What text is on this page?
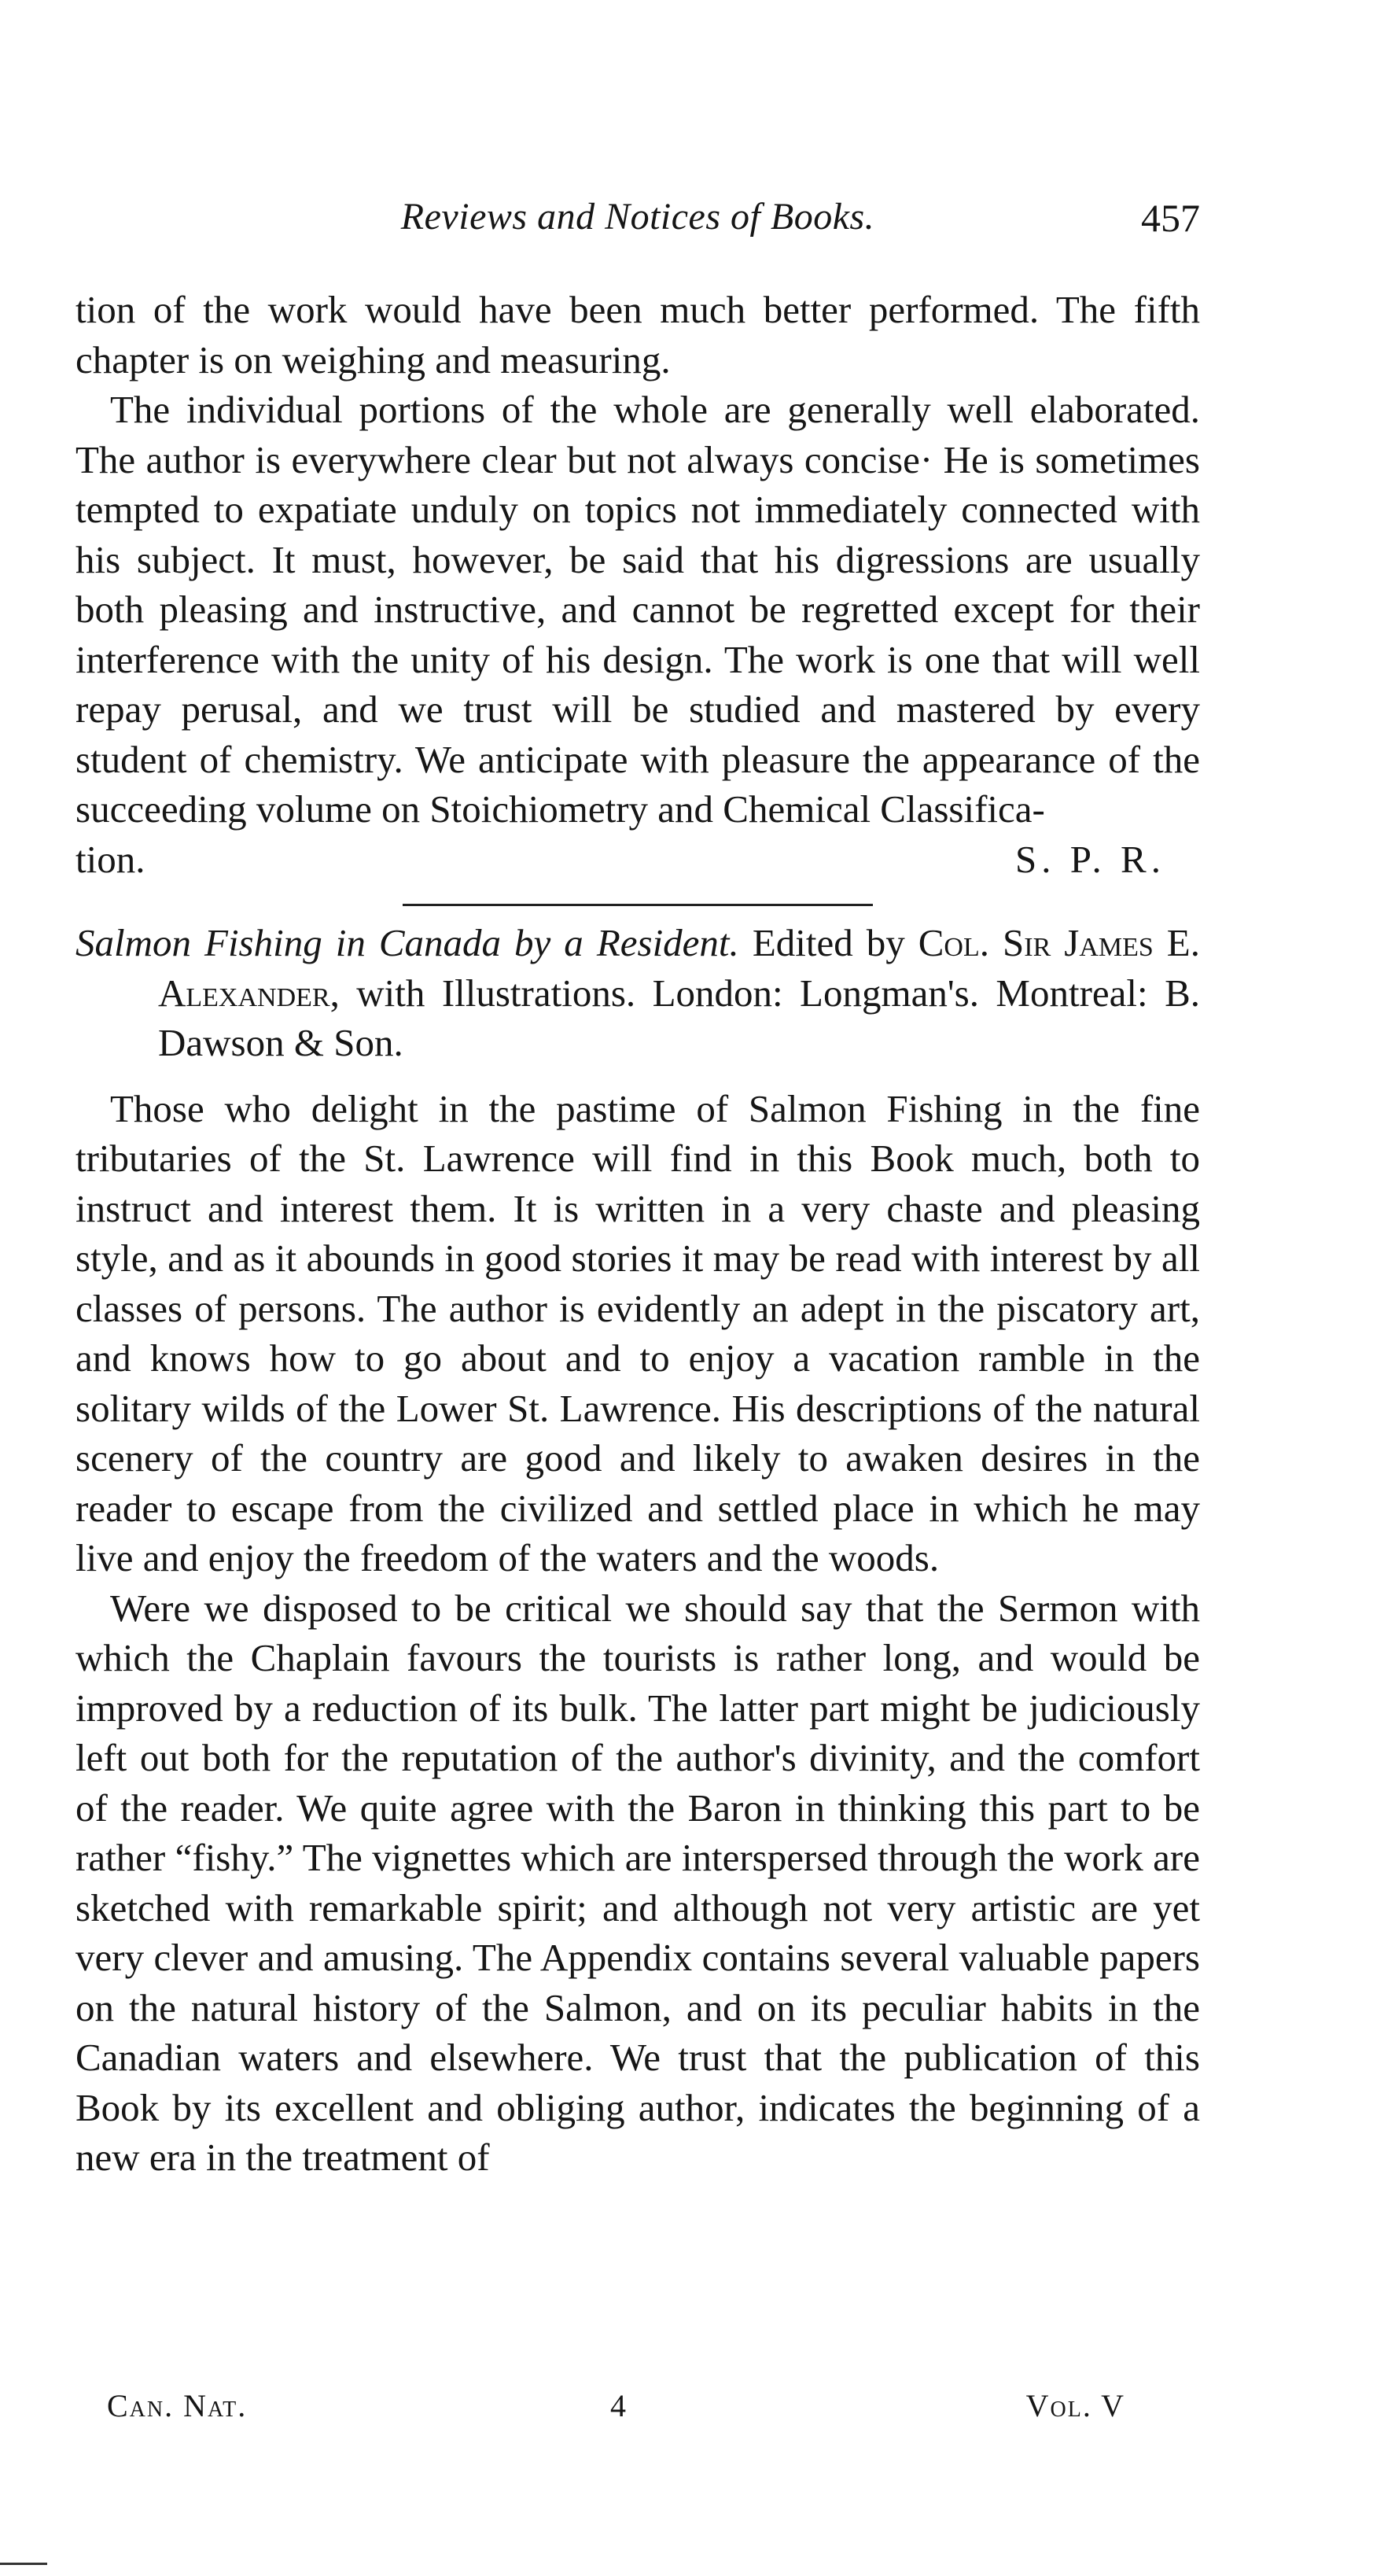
Reviews and Notices of Books.	457

tion of the work would have been much better performed. The fifth chapter is on weighing and measuring.

The individual portions of the whole are generally well elaborated. The author is everywhere clear but not always concise· He is sometimes tempted to expatiate unduly on topics not immediately connected with his subject. It must, however, be said that his digressions are usually both pleasing and instructive, and cannot be regretted except for their interference with the unity of his design. The work is one that will well repay perusal, and we trust will be studied and mastered by every student of chemistry. We anticipate with pleasure the appearance of the succeeding volume on Stoichiometry and Chemical Classifica-

tion.	S. P. R.

Salmon Fishing in Canada by a Resident. Edited by Col. Sir James E. Alexander, with Illustrations. London: Longman's. Montreal: B. Dawson & Son.

Those who delight in the pastime of Salmon Fishing in the fine tributaries of the St. Lawrence will find in this Book much, both to instruct and interest them. It is written in a very chaste and pleasing style, and as it abounds in good stories it may be read with interest by all classes of persons. The author is evidently an adept in the piscatory art, and knows how to go about and to enjoy a vacation ramble in the solitary wilds of the Lower St. Lawrence. His descriptions of the natural scenery of the country are good and likely to awaken desires in the reader to escape from the civilized and settled place in which he may live and enjoy the freedom of the waters and the woods.

Were we disposed to be critical we should say that the Sermon with which the Chaplain favours the tourists is rather long, and would be improved by a reduction of its bulk. The latter part might be judiciously left out both for the reputation of the author's divinity, and the comfort of the reader. We quite agree with the Baron in thinking this part to be rather “fishy.” The vignettes which are interspersed through the work are sketched with remarkable spirit; and although not very artistic are yet very clever and amusing. The Appendix contains several valuable papers on the natural history of the Salmon, and on its peculiar habits in the Canadian waters and elsewhere. We trust that the publication of this Book by its excellent and obliging author, indicates the beginning of a new era in the treatment of

Can. Nat.	4	Vol. V
